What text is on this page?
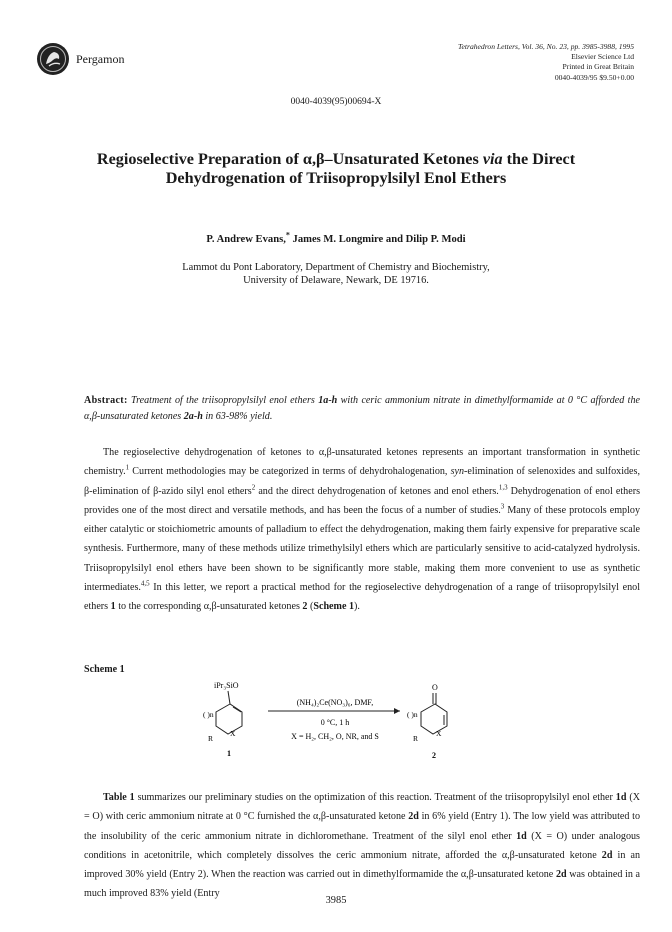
Pergamon
Tetrahedron Letters, Vol. 36, No. 23, pp. 3985-3988, 1995
Elsevier Science Ltd
Printed in Great Britain
0040-4039/95 $9.50+0.00
0040-4039(95)00694-X
Regioselective Preparation of α,β–Unsaturated Ketones via the Direct Dehydrogenation of Triisopropylsilyl Enol Ethers
P. Andrew Evans,* James M. Longmire and Dilip P. Modi
Lammot du Pont Laboratory, Department of Chemistry and Biochemistry,
University of Delaware, Newark, DE 19716.
Abstract: Treatment of the triisopropylsilyl enol ethers 1a-h with ceric ammonium nitrate in dimethylformamide at 0 °C afforded the α,β-unsaturated ketones 2a-h in 63-98% yield.
The regioselective dehydrogenation of ketones to α,β-unsaturated ketones represents an important transformation in synthetic chemistry.$^1$ Current methodologies may be categorized in terms of dehydrohalogenation, syn-elimination of selenoxides and sulfoxides, β-elimination of β-azido silyl enol ethers$^2$ and the direct dehydrogenation of ketones and enol ethers.$^{1,3}$ Dehydrogenation of enol ethers provides one of the most direct and versatile methods, and has been the focus of a number of studies.$^3$ Many of these protocols employ either catalytic or stoichiometric amounts of palladium to effect the dehydrogenation, making them fairly expensive for preparative scale synthesis. Furthermore, many of these methods utilize trimethylsilyl ethers which are particularly sensitive to acid-catalyzed hydrolysis. Triisopropylsilyl enol ethers have been shown to be significantly more stable, making them more convenient to use as synthetic intermediates.$^{4,5}$ In this letter, we report a practical method for the regioselective dehydrogenation of a range of triisopropylsilyl enol ethers 1 to the corresponding α,β-unsaturated ketones 2 (Scheme 1).
Scheme 1
iPr₃SiO
( )n
R
X
1
(NH₄)₂Ce(NO₃)₆, DMF,
0 °C, 1 h
X = H₂, CH₂, O, NR, and S
O
( )n
R
X
2
Table 1 summarizes our preliminary studies on the optimization of this reaction. Treatment of the triisopropylsilyl enol ether 1d (X = O) with ceric ammonium nitrate at 0 °C furnished the α,β-unsaturated ketone 2d in 6% yield (Entry 1). The low yield was attributed to the insolubility of the ceric ammonium nitrate in dichloromethane. Treatment of the silyl enol ether 1d (X = O) under analogous conditions in acetonitrile, which completely dissolves the ceric ammonium nitrate, afforded the α,β-unsaturated ketone 2d in an improved 30% yield (Entry 2). When the reaction was carried out in dimethylformamide the α,β-unsaturated ketone 2d was obtained in a much improved 83% yield (Entry
3985
